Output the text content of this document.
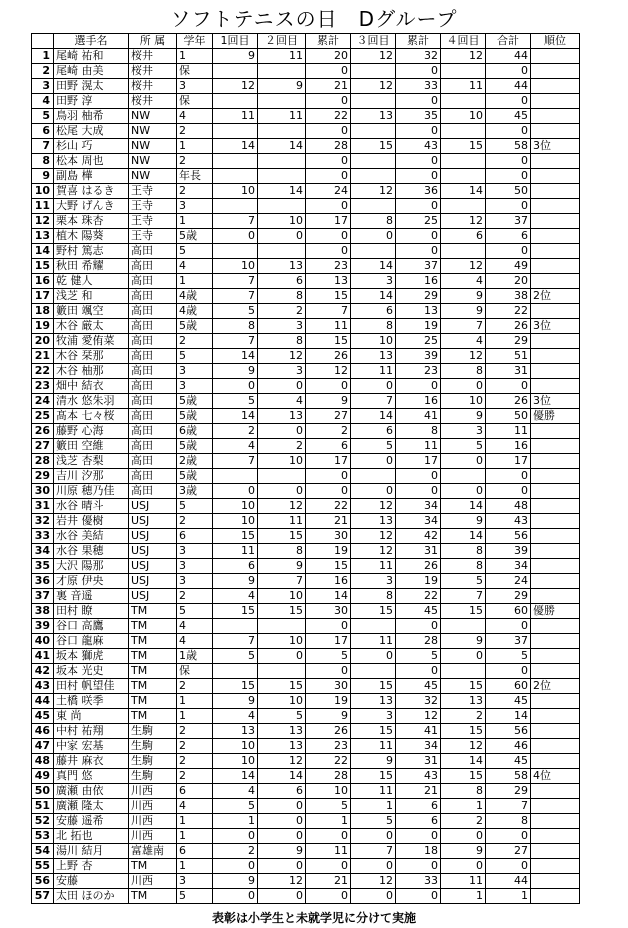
ソフトテニスの日　Dグループ
	選手名	所 属	学年	1回目	２回目	累計	３回目	累計	４回目	合計	順位
1	尾崎 祐和	桜井	1	9	11	20	12	32	12	44	
2	尾崎 由美	桜井	保			0		0		0	
3	田野 滉太	桜井	3	12	9	21	12	33	11	44	
4	田野 淳	桜井	保			0		0		0	
5	鳥羽 柚希	NW	4	11	11	22	13	35	10	45	
6	松尾 大成	NW	2			0		0		0	
7	杉山 巧	NW	1	14	14	28	15	43	15	58	3位
8	松本 周也	NW	2			0		0		0	
9	副島 樺	NW	年長			0		0		0	
10	賀喜 はるき	王寺	2	10	14	24	12	36	14	50	
11	大野 げんき	王寺	3			0		0		0	
12	栗本 珠杏	王寺	1	7	10	17	8	25	12	37	
13	植木 陽葵	王寺	5歳	0	0	0	0	0	6	6	
14	野村 篤志	高田	5			0		0		0	
15	秋田 希耀	高田	4	10	13	23	14	37	12	49	
16	乾 健人	高田	1	7	6	13	3	16	4	20	
17	浅芝 和	高田	4歳	7	8	15	14	29	9	38	2位
18	籔田 颯空	高田	4歳	5	2	7	6	13	9	22	
19	木谷 厳太	高田	5歳	8	3	11	8	19	7	26	3位
20	牧浦 愛侑菜	高田	2	7	8	15	10	25	4	29	
21	木谷 栞那	高田	5	14	12	26	13	39	12	51	
22	木谷 柚那	高田	3	9	3	12	11	23	8	31	
23	畑中 結衣	高田	3	0	0	0	0	0	0	0	
24	清水 悠朱羽	高田	5歳	5	4	9	7	16	10	26	3位
25	髙本 七々桜	高田	5歳	14	13	27	14	41	9	50	優勝
26	藤野 心海	高田	6歳	2	0	2	6	8	3	11	
27	籔田 空維	高田	5歳	4	2	6	5	11	5	16	
28	浅芝 杏梨	高田	2歳	7	10	17	0	17	0	17	
29	吉川 汐那	高田	5歳			0		0		0	
30	川原 穂乃佳	高田	3歳	0	0	0	0	0	0	0	
31	水谷 晴斗	USJ	5	10	12	22	12	34	14	48	
32	岩井 優樹	USJ	2	10	11	21	13	34	9	43	
33	水谷 美結	USJ	6	15	15	30	12	42	14	56	
34	水谷 果穂	USJ	3	11	8	19	12	31	8	39	
35	大沢 陽那	USJ	3	6	9	15	11	26	8	34	
36	才原 伊央	USJ	3	9	7	16	3	19	5	24	
37	裏 音遥	USJ	2	4	10	14	8	22	7	29	
38	田村 瞭	TM	5	15	15	30	15	45	15	60	優勝
39	谷口 高鷹	TM	4			0		0		0	
40	谷口 龍麻	TM	4	7	10	17	11	28	9	37	
41	坂本 獅虎	TM	1歳	5	0	5	0	5	0	5	
42	坂本 光史	TM	保			0		0		0	
43	田村 帆望佳	TM	2	15	15	30	15	45	15	60	2位
44	土橋 咲季	TM	1	9	10	19	13	32	13	45	
45	東 尚	TM	1	4	5	9	3	12	2	14	
46	中村 祐翔	生駒	2	13	13	26	15	41	15	56	
47	中家 宏基	生駒	2	10	13	23	11	34	12	46	
48	藤井 麻衣	生駒	2	10	12	22	9	31	14	45	
49	真門 悠	生駒	2	14	14	28	15	43	15	58	4位
50	廣瀬 由依	川西	6	4	6	10	11	21	8	29	
51	廣瀬 隆太	川西	4	5	0	5	1	6	1	7	
52	安藤 遥希	川西	1	1	0	1	5	6	2	8	
53	北 拓也	川西	1	0	0	0	0	0	0	0	
54	湯川 結月	富雄南	6	2	9	11	7	18	9	27	
55	上野 杏	TM	1	0	0	0	0	0	0	0	
56	安藤	川西	3	9	12	21	12	33	11	44	
57	太田 ほのか	TM	5	0	0	0	0	0	1	1	
表彰は小学生と未就学児に分けて実施
